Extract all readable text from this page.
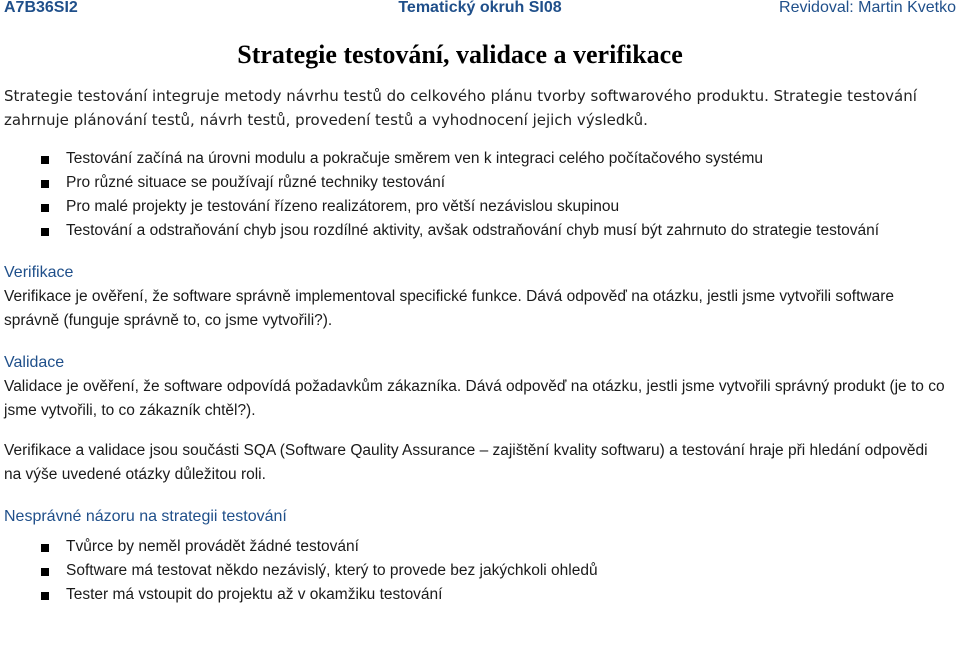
A7B36SI2	Tematický okruh SI08	Revidoval: Martin Kvetko
Strategie testování, validace a verifikace

Strategie testování integruje metody návrhu testů do celkového plánu tvorby softwarového produktu. Strategie testování zahrnuje plánování testů, návrh testů, provedení testů a vyhodnocení jejich výsledků.

Testování začíná na úrovni modulu a pokračuje směrem ven k integraci celého počítačového systému
Pro různé situace se používají různé techniky testování
Pro malé projekty je testování řízeno realizátorem, pro větší nezávislou skupinou
Testování a odstraňování chyb jsou rozdílné aktivity, avšak odstraňování chyb musí být zahrnuto do strategie testování
Verifikace

Verifikace je ověření, že software správně implementoval specifické funkce. Dává odpověď na otázku, jestli jsme vytvořili software správně (funguje správně to, co jsme vytvořili?).

Validace

Validace je ověření, že software odpovídá požadavkům zákazníka. Dává odpověď na otázku, jestli jsme vytvořili správný produkt (je to co jsme vytvořili, to co zákazník chtěl?).

Verifikace a validace jsou součásti SQA (Software Qaulity Assurance – zajištění kvality softwaru) a testování hraje při hledání odpovědi na výše uvedené otázky důležitou roli.

Nesprávné názoru na strategii testování
Tvůrce by neměl provádět žádné testování
Software má testovat někdo nezávislý, který to provede bez jakýchkoli ohledů
Tester má vstoupit do projektu až v okamžiku testování
